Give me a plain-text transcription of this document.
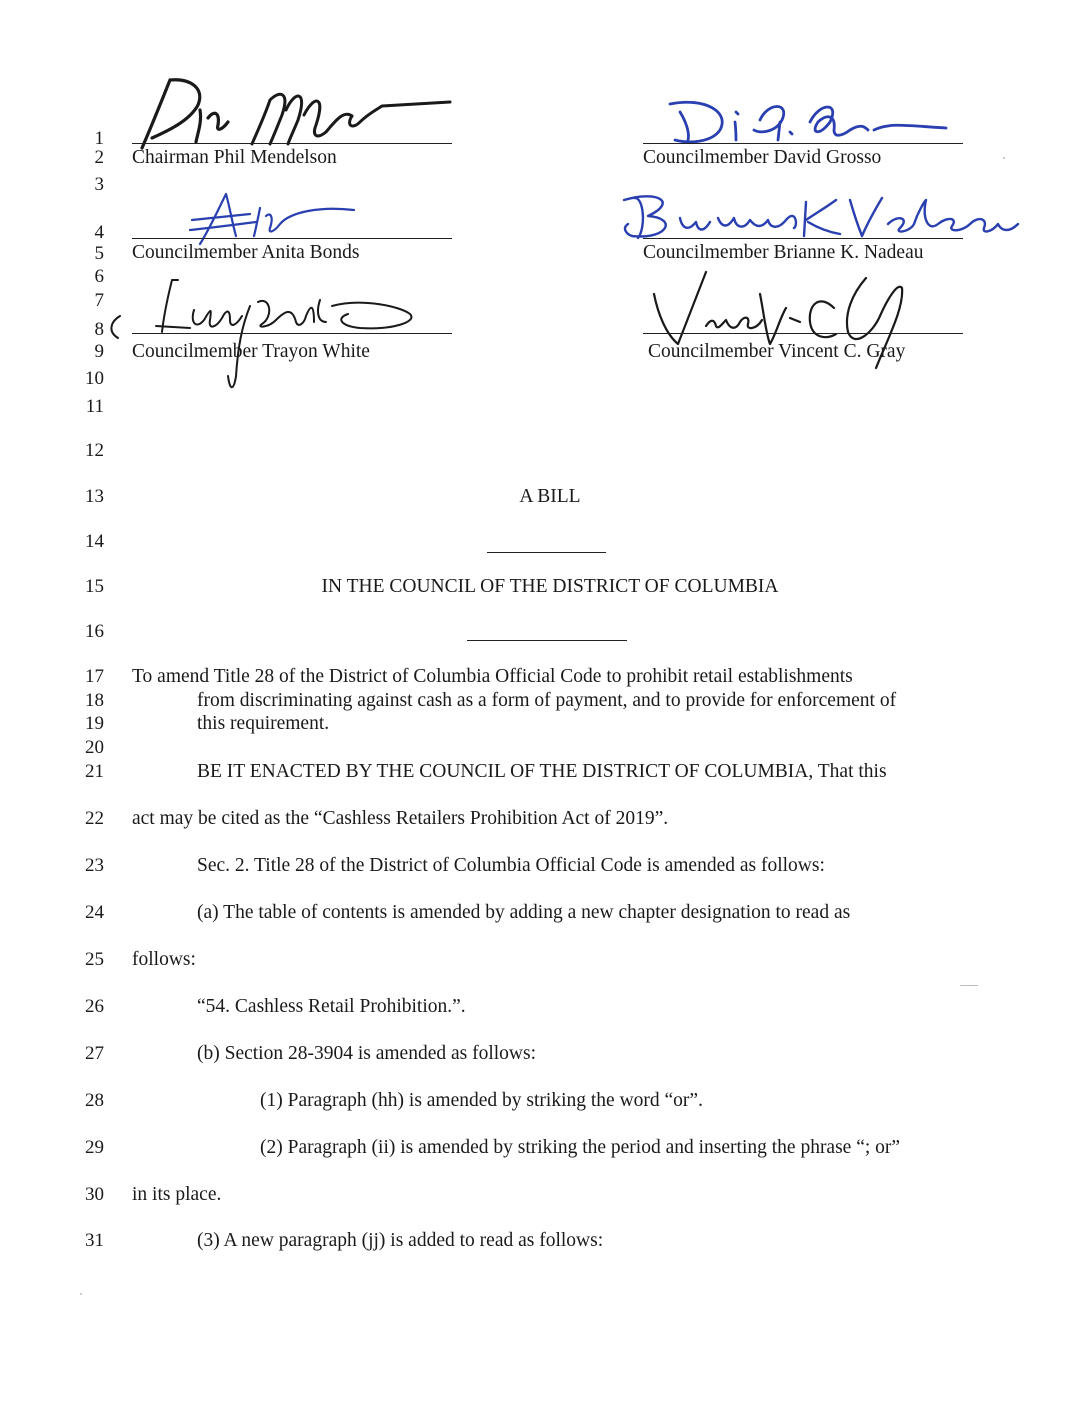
1
2
3
4
5
6
7
8
9
10
11
12
13
14
15
16
17
18
19
20
21
22
23
24
25
26
27
28
29
30
31
Chairman Phil Mendelson	Councilmember David Grosso
Councilmember Anita Bonds	Councilmember Brianne K. Nadeau
Councilmember Trayon White	Councilmember Vincent C. Gray
A BILL
IN THE COUNCIL OF THE DISTRICT OF COLUMBIA
To amend Title 28 of the District of Columbia Official Code to prohibit retail establishments
from discriminating against cash as a form of payment, and to provide for enforcement of
this requirement.
BE IT ENACTED BY THE COUNCIL OF THE DISTRICT OF COLUMBIA, That this
act may be cited as the “Cashless Retailers Prohibition Act of 2019”.
Sec. 2. Title 28 of the District of Columbia Official Code is amended as follows:
(a) The table of contents is amended by adding a new chapter designation to read as
follows:
“54. Cashless Retail Prohibition.”.
(b) Section 28-3904 is amended as follows:
(1) Paragraph (hh) is amended by striking the word “or”.
(2) Paragraph (ii) is amended by striking the period and inserting the phrase “; or”
in its place.
(3) A new paragraph (jj) is added to read as follows:
